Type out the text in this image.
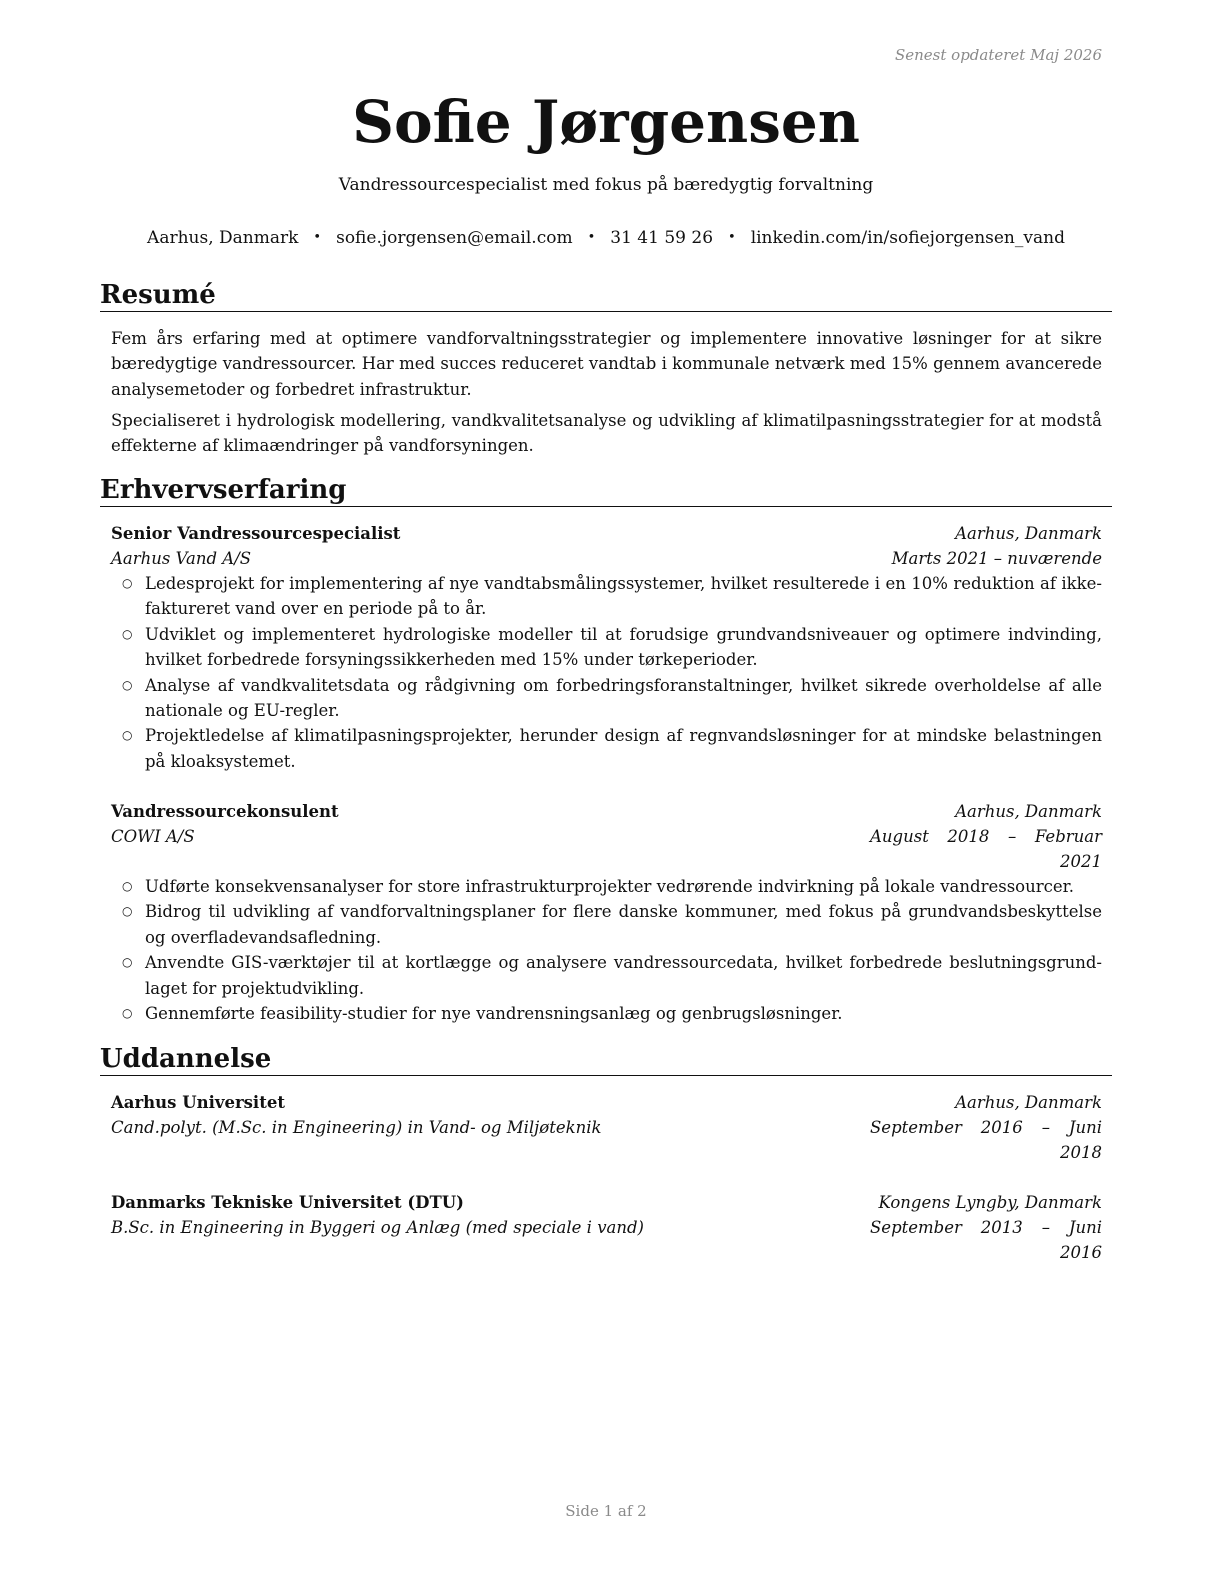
Senest opdateret Maj 2026
Sofie Jørgensen
Vandressourcespecialist med fokus på bæredygtig forvaltning
Aarhus, Danmark • sofie.jorgensen@email.com • 31 41 59 26 • linkedin.com/in/sofiejorgensen_vand
Resumé
Fem års erfaring med at optimere vandforvaltningsstrategier og implementere innovative løsninger for at sikre bæredygtige vandressourcer. Har med succes reduceret vandtab i kommunale netværk med 15% gennem avancerede analysemetoder og forbedret infrastruktur.
Specialiseret i hydrologisk modellering, vandkvalitetsanalyse og udvikling af klimatilpasningsstrategier for at modstå effekterne af klimaændringer på vandforsyningen.
Erhvervserfaring
Senior Vandressourcespecialist	Aarhus, Danmark
Aarhus Vand A/S	Marts 2021 – nuværende
○ Ledesprojekt for implementering af nye vandtabsmålingssystemer, hvilket resulterede i en 10% reduktion af ikke-faktureret vand over en periode på to år.
○ Udviklet og implementeret hydrologiske modeller til at forudsige grundvandsniveauer og optimere indvinding, hvilket forbedrede forsyningssikkerheden med 15% under tørkeperioder.
○ Analyse af vandkvalitetsdata og rådgivning om forbedringsforanstaltninger, hvilket sikrede overholdelse af alle nationale og EU-regler.
○ Projektledelse af klimatilpasningsprojekter, herunder design af regnvandsløsninger for at mindske belastningen på kloaksystemet.
Vandressourcekonsulent	Aarhus, Danmark
COWI A/S	August 2018 – Februar 2021
○ Udførte konsekvensanalyser for store infrastrukturprojekter vedrørende indvirkning på lokale vandressourcer.
○ Bidrog til udvikling af vandforvaltningsplaner for flere danske kommuner, med fokus på grundvandsbeskyttelse og overfladevandsafledning.
○ Anvendte GIS-værktøjer til at kortlægge og analysere vandressourcedata, hvilket forbedrede beslutningsgrund-laget for projektudvikling.
○ Gennemførte feasibility-studier for nye vandrensningsanlæg og genbrugsløsninger.
Uddannelse
Aarhus Universitet	Aarhus, Danmark
Cand.polyt. (M.Sc. in Engineering) in Vand- og Miljøteknik	September 2016 – Juni 2018
Danmarks Tekniske Universitet (DTU)	Kongens Lyngby, Danmark
B.Sc. in Engineering in Byggeri og Anlæg (med speciale i vand)	September 2013 – Juni 2016
Side 1 af 2
